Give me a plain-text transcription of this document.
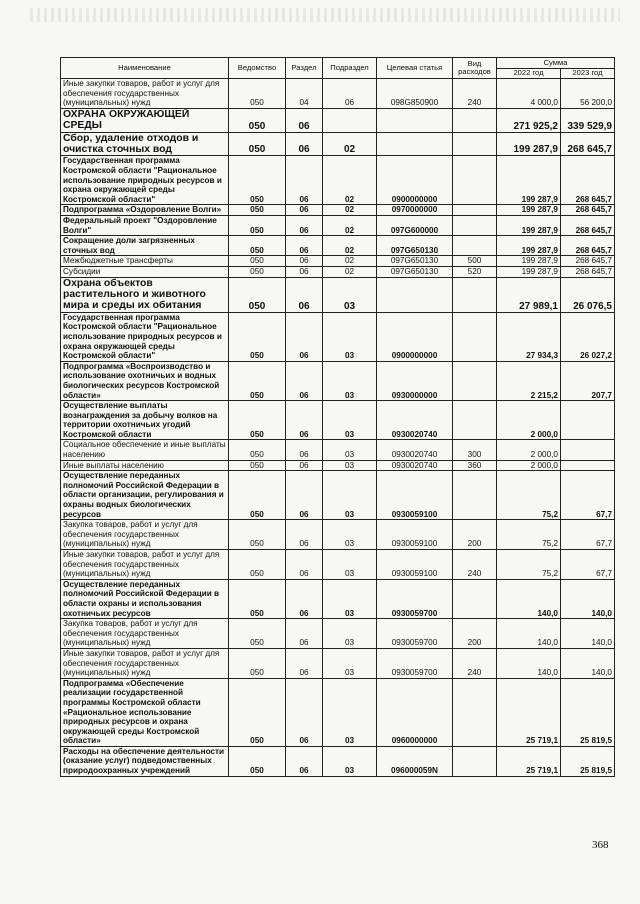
Наименование	Ведомство	Раздел	Подраздел	Целевая статья	Вид расходов	Сумма	
						2022 год	2023 год
Иные закупки товаров, работ и услуг для обеспечения государственных (муниципальных) нужд	050	04	06	098G850900	240	4 000,0	56 200,0
ОХРАНА ОКРУЖАЮЩЕЙ СРЕДЫ	050	06				271 925,2	339 529,9
Сбор, удаление отходов и очистка сточных вод	050	06	02			199 287,9	268 645,7
Государственная программа Костромской области "Рациональное использование природных ресурсов и охрана окружающей среды Костромской области"	050	06	02	0900000000		199 287,9	268 645,7
Подпрограмма «Оздоровление Волги»	050	06	02	0970000000		199 287,9	268 645,7
Федеральный проект "Оздоровление Волги"	050	06	02	097G600000		199 287,9	268 645,7
Сокращение доли загрязненных сточных вод	050	06	02	097G650130		199 287,9	268 645,7
Межбюджетные трансферты	050	06	02	097G650130	500	199 287,9	268 645,7
Субсидии	050	06	02	097G650130	520	199 287,9	268 645,7
Охрана объектов растительного и животного мира и среды их обитания	050	06	03			27 989,1	26 076,5
Государственная программа Костромской области "Рациональное использование природных ресурсов и охрана окружающей среды Костромской области"	050	06	03	0900000000		27 934,3	26 027,2
Подпрограмма «Воспроизводство и использование охотничьих и водных биологических ресурсов Костромской области»	050	06	03	0930000000		2 215,2	207,7
Осуществление выплаты вознаграждения за добычу волков на территории охотничьих угодий Костромской области	050	06	03	0930020740		2 000,0	
Социальное обеспечение и иные выплаты населению	050	06	03	0930020740	300	2 000,0	
Иные выплаты населению	050	06	03	0930020740	360	2 000,0	
Осуществление переданных полномочий Российской Федерации в области организации, регулирования и охраны водных биологических ресурсов	050	06	03	0930059100		75,2	67,7
Закупка товаров, работ и услуг для обеспечения государственных (муниципальных) нужд	050	06	03	0930059100	200	75,2	67,7
Иные закупки товаров, работ и услуг для обеспечения государственных (муниципальных) нужд	050	06	03	0930059100	240	75,2	67,7
Осуществление переданных полномочий Российской Федерации в области охраны и использования охотничьих ресурсов	050	06	03	0930059700		140,0	140,0
Закупка товаров, работ и услуг для обеспечения государственных (муниципальных) нужд	050	06	03	0930059700	200	140,0	140,0
Иные закупки товаров, работ и услуг для обеспечения государственных (муниципальных) нужд	050	06	03	0930059700	240	140,0	140,0
Подпрограмма «Обеспечение реализации государственной программы Костромской области «Рациональное использование природных ресурсов и охрана окружающей среды Костромской области»	050	06	03	0960000000		25 719,1	25 819,5
Расходы на обеспечение деятельности (оказание услуг) подведомственных природоохранных учреждений	050	06	03	096000059N		25 719,1	25 819,5
368
